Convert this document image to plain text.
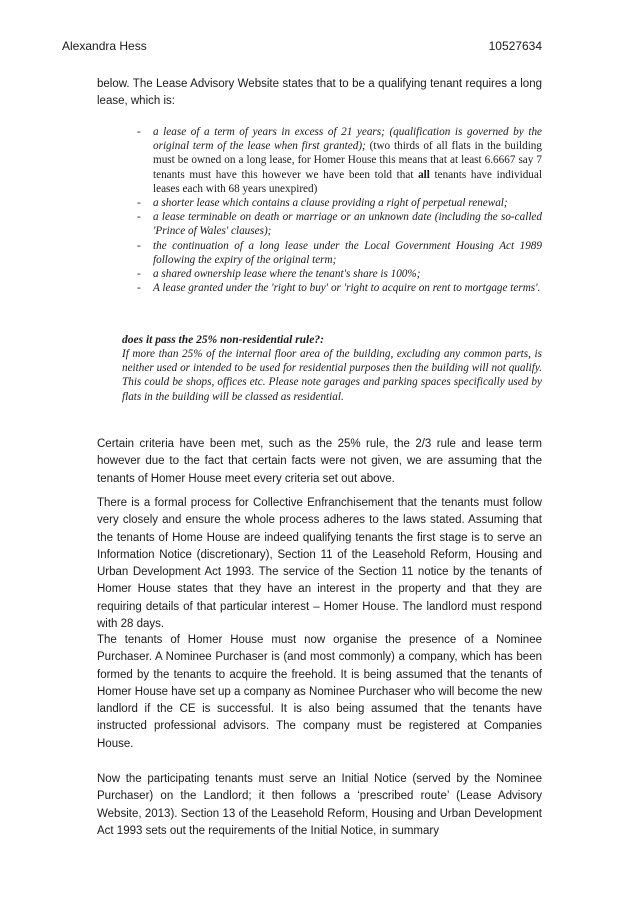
Alexandra Hess	10527634

below. The Lease Advisory Website states that to be a qualifying tenant requires a long lease, which is:

- a lease of a term of years in excess of 21 years; (qualification is governed by the original term of the lease when first granted); (two thirds of all flats in the building must be owned on a long lease, for Homer House this means that at least 6.6667 say 7 tenants must have this however we have been told that all tenants have individual leases each with 68 years unexpired)
- a shorter lease which contains a clause providing a right of perpetual renewal;
- a lease terminable on death or marriage or an unknown date (including the so-called 'Prince of Wales' clauses);
- the continuation of a long lease under the Local Government Housing Act 1989 following the expiry of the original term;
- a shared ownership lease where the tenant's share is 100%;
- A lease granted under the 'right to buy' or 'right to acquire on rent to mortgage terms'.

does it pass the 25% non-residential rule?:

If more than 25% of the internal floor area of the building, excluding any common parts, is neither used or intended to be used for residential purposes then the building will not qualify. This could be shops, offices etc. Please note garages and parking spaces specifically used by flats in the building will be classed as residential.

Certain criteria have been met, such as the 25% rule, the 2/3 rule and lease term however due to the fact that certain facts were not given, we are assuming that the tenants of Homer House meet every criteria set out above.

There is a formal process for Collective Enfranchisement that the tenants must follow very closely and ensure the whole process adheres to the laws stated. Assuming that the tenants of Home House are indeed qualifying tenants the first stage is to serve an Information Notice (discretionary), Section 11 of the Leasehold Reform, Housing and Urban Development Act 1993. The service of the Section 11 notice by the tenants of Homer House states that they have an interest in the property and that they are requiring details of that particular interest – Homer House. The landlord must respond with 28 days.

The tenants of Homer House must now organise the presence of a Nominee Purchaser. A Nominee Purchaser is (and most commonly) a company, which has been formed by the tenants to acquire the freehold. It is being assumed that the tenants of Homer House have set up a company as Nominee Purchaser who will become the new landlord if the CE is successful. It is also being assumed that the tenants have instructed professional advisors. The company must be registered at Companies House.

Now the participating tenants must serve an Initial Notice (served by the Nominee Purchaser) on the Landlord; it then follows a ‘prescribed route’ (Lease Advisory Website, 2013). Section 13 of the Leasehold Reform, Housing and Urban Development Act 1993 sets out the requirements of the Initial Notice, in summary
